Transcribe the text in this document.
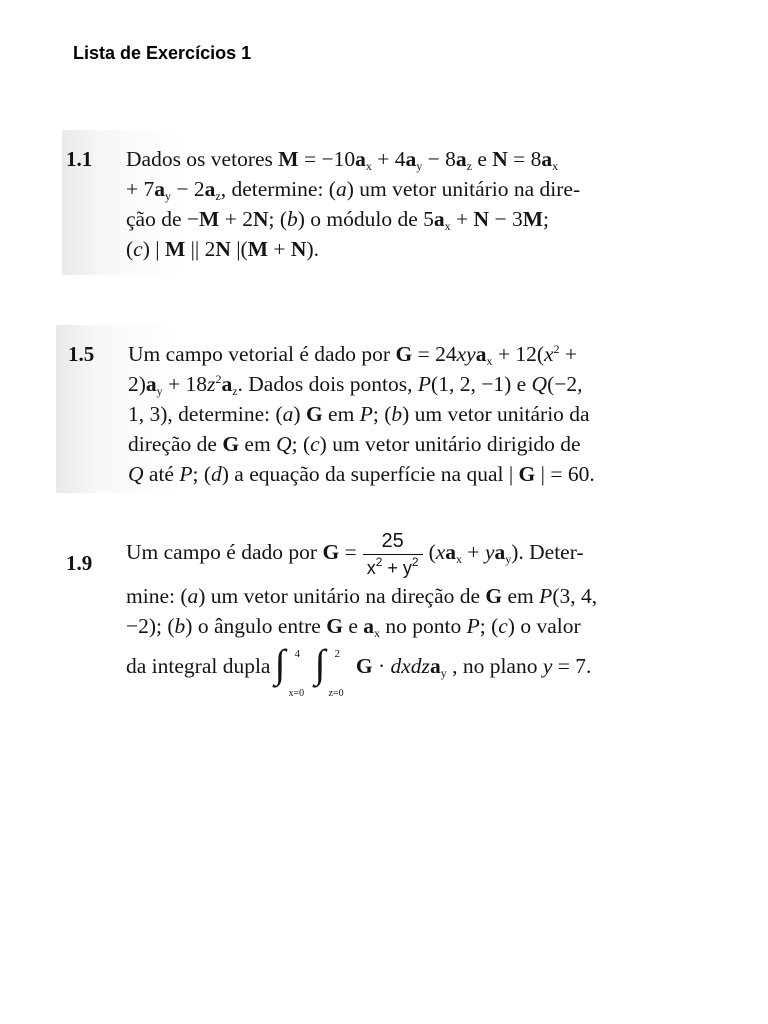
Lista de Exercícios 1
1.1	Dados os vetores $M = -10a_x + 4a_y - 8a_z$ e $N = 8a_x$
+ $7a_y - 2a_z$, determine: (a) um vetor unitário na dire-
ção de −M + 2N; (b) o módulo de $5a_x + N - 3M$;
(c) | M || 2N |(M + N).
1.5	Um campo vetorial é dado por $G = 24xya_x + 12(x^2$ +
$2)a_y + 18z^2a_z$. Dados dois pontos, P(1, 2, −1) e Q(−2,
1, 3), determine: (a) G em P; (b) um vetor unitário da
direção de G em Q; (c) um vetor unitário dirigido de
Q até P; (d) a equação da superfície na qual | G | = 60.
1.9	Um campo é dado por $G = \frac{25}{x^2 + y^2} (xa_x + ya_y)$. Deter-
mine: (a) um vetor unitário na direção de G em P(3, 4,
−2); (b) o ângulo entre G e $a_x$ no ponto P; (c) o valor
da integral dupla ∫ 4
x=0
∫ 2
z=0
G · dxdza$_y$ , no plano y = 7.
